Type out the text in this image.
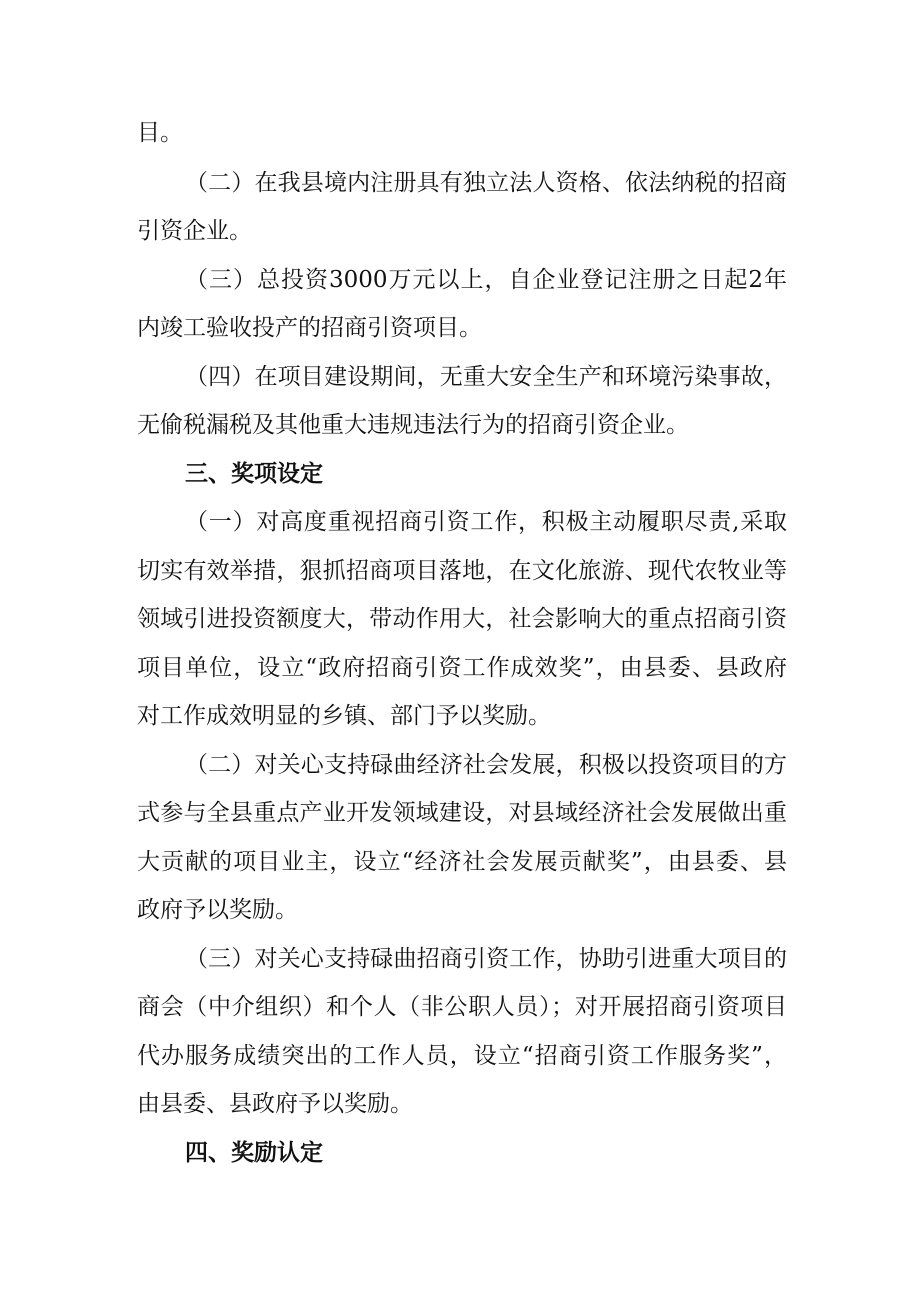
目。
（二）在我县境内注册具有独立法人资格、依法纳税的招商
引资企业。
（三）总投资3000万元以上，自企业登记注册之日起2年
内竣工验收投产的招商引资项目。
（四）在项目建设期间，无重大安全生产和环境污染事故，
无偷税漏税及其他重大违规违法行为的招商引资企业。
三、奖项设定
（一）对高度重视招商引资工作，积极主动履职尽责,采取
切实有效举措，狠抓招商项目落地，在文化旅游、现代农牧业等
领域引进投资额度大，带动作用大，社会影响大的重点招商引资
项目单位，设立“政府招商引资工作成效奖”，由县委、县政府
对工作成效明显的乡镇、部门予以奖励。
（二）对关心支持碌曲经济社会发展，积极以投资项目的方
式参与全县重点产业开发领域建设，对县域经济社会发展做出重
大贡献的项目业主，设立“经济社会发展贡献奖”，由县委、县
政府予以奖励。
（三）对关心支持碌曲招商引资工作，协助引进重大项目的
商会（中介组织）和个人（非公职人员）；对开展招商引资项目
代办服务成绩突出的工作人员，设立“招商引资工作服务奖”，
由县委、县政府予以奖励。
四、奖励认定
